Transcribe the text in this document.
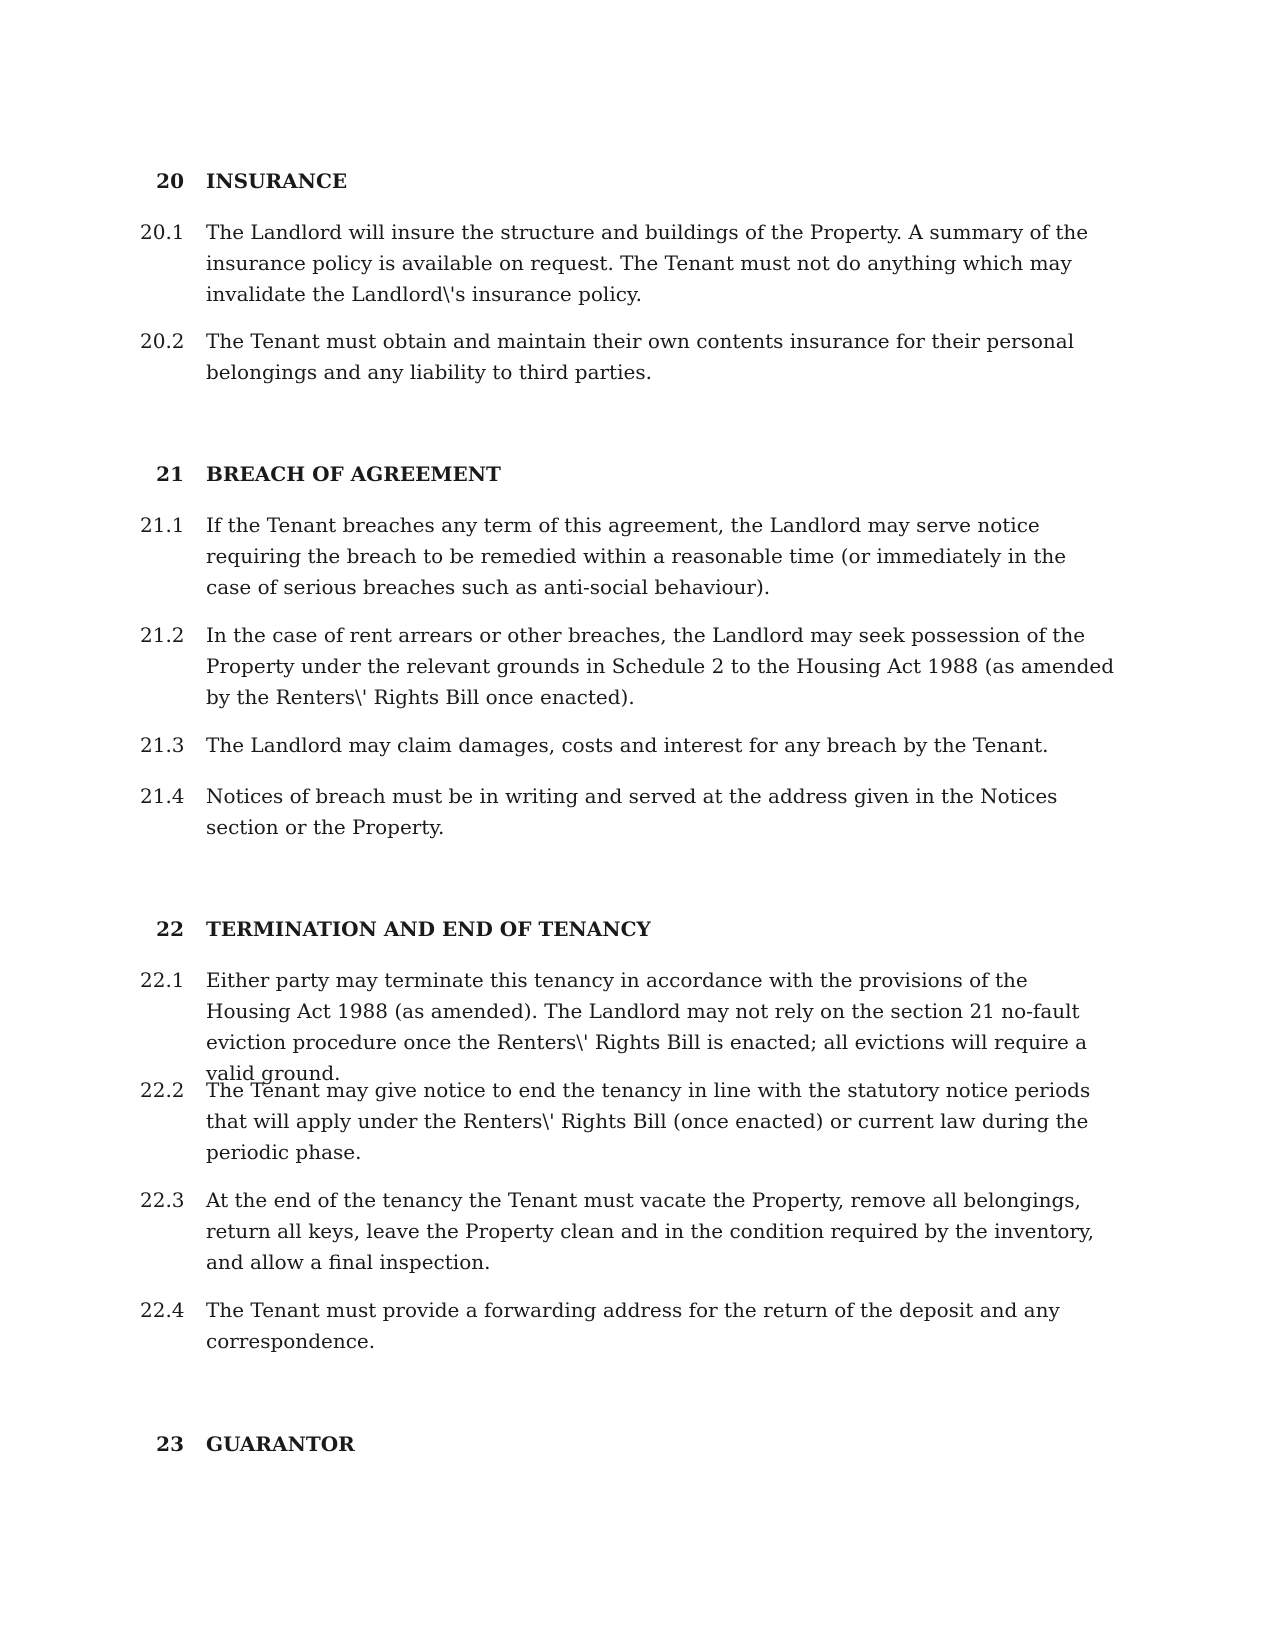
20 INSURANCE
20.1 The Landlord will insure the structure and buildings of the Property. A summary of the insurance policy is available on request. The Tenant must not do anything which may invalidate the Landlord\'s insurance policy.
20.2 The Tenant must obtain and maintain their own contents insurance for their personal belongings and any liability to third parties.
21 BREACH OF AGREEMENT
21.1 If the Tenant breaches any term of this agreement, the Landlord may serve notice requiring the breach to be remedied within a reasonable time (or immediately in the case of serious breaches such as anti-social behaviour).
21.2 In the case of rent arrears or other breaches, the Landlord may seek possession of the Property under the relevant grounds in Schedule 2 to the Housing Act 1988 (as amended by the Renters\' Rights Bill once enacted).
21.3 The Landlord may claim damages, costs and interest for any breach by the Tenant.
21.4 Notices of breach must be in writing and served at the address given in the Notices section or the Property.
22 TERMINATION AND END OF TENANCY
22.1 Either party may terminate this tenancy in accordance with the provisions of the Housing Act 1988 (as amended). The Landlord may not rely on the section 21 no-fault eviction procedure once the Renters\' Rights Bill is enacted; all evictions will require a valid ground.
22.2 The Tenant may give notice to end the tenancy in line with the statutory notice periods that will apply under the Renters\' Rights Bill (once enacted) or current law during the periodic phase.
22.3 At the end of the tenancy the Tenant must vacate the Property, remove all belongings, return all keys, leave the Property clean and in the condition required by the inventory, and allow a final inspection.
22.4 The Tenant must provide a forwarding address for the return of the deposit and any correspondence.
23 GUARANTOR
